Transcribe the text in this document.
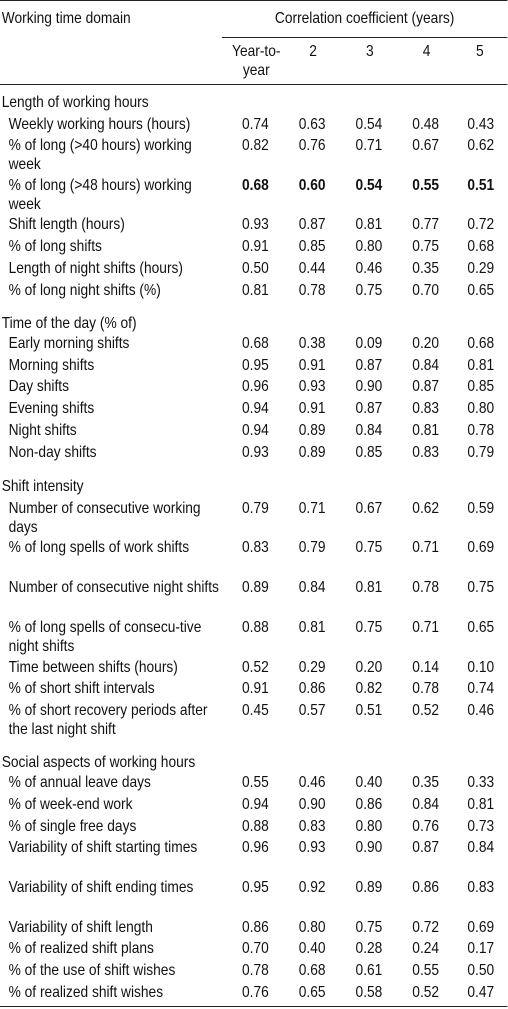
Working time domain	Correlation coefficient (years)
Year-to-year
2	3	4	5
Length of working hours
Weekly working hours (hours)	0.74	0.63	0.54	0.48	0.43
% of long (>40 hours) working week
0.82	0.76	0.71	0.67	0.62
% of long (>48 hours) working week
0.68	0.60	0.54	0.55	0.51
Shift length (hours)	0.93	0.87	0.81	0.77	0.72
% of long shifts	0.91	0.85	0.80	0.75	0.68
Length of night shifts (hours)	0.50	0.44	0.46	0.35	0.29
% of long night shifts (%)	0.81	0.78	0.75	0.70	0.65
Time of the day (% of)
Early morning shifts	0.68	0.38	0.09	0.20	0.68
Morning shifts	0.95	0.91	0.87	0.84	0.81
Day shifts	0.96	0.93	0.90	0.87	0.85
Evening shifts	0.94	0.91	0.87	0.83	0.80
Night shifts	0.94	0.89	0.84	0.81	0.78
Non-day shifts	0.93	0.89	0.85	0.83	0.79
Shift intensity
Number of consecutive working days
0.79	0.71	0.67	0.62	0.59
% of long spells of work shifts	0.83	0.79	0.75	0.71	0.69
Number of consecutive night shifts	0.89	0.84	0.81	0.78	0.75
% of long spells of consecu-tive night shifts
0.88	0.81	0.75	0.71	0.65
Time between shifts (hours)	0.52	0.29	0.20	0.14	0.10
% of short shift intervals	0.91	0.86	0.82	0.78	0.74
% of short recovery periods after the last night shift
0.45	0.57	0.51	0.52	0.46
Social aspects of working hours
% of annual leave days	0.55	0.46	0.40	0.35	0.33
% of week-end work	0.94	0.90	0.86	0.84	0.81
% of single free days	0.88	0.83	0.80	0.76	0.73
Variability of shift starting times	0.96	0.93	0.90	0.87	0.84
Variability of shift ending times	0.95	0.92	0.89	0.86	0.83
Variability of shift length	0.86	0.80	0.75	0.72	0.69
% of realized shift plans	0.70	0.40	0.28	0.24	0.17
% of the use of shift wishes	0.78	0.68	0.61	0.55	0.50
% of realized shift wishes	0.76	0.65	0.58	0.52	0.47
